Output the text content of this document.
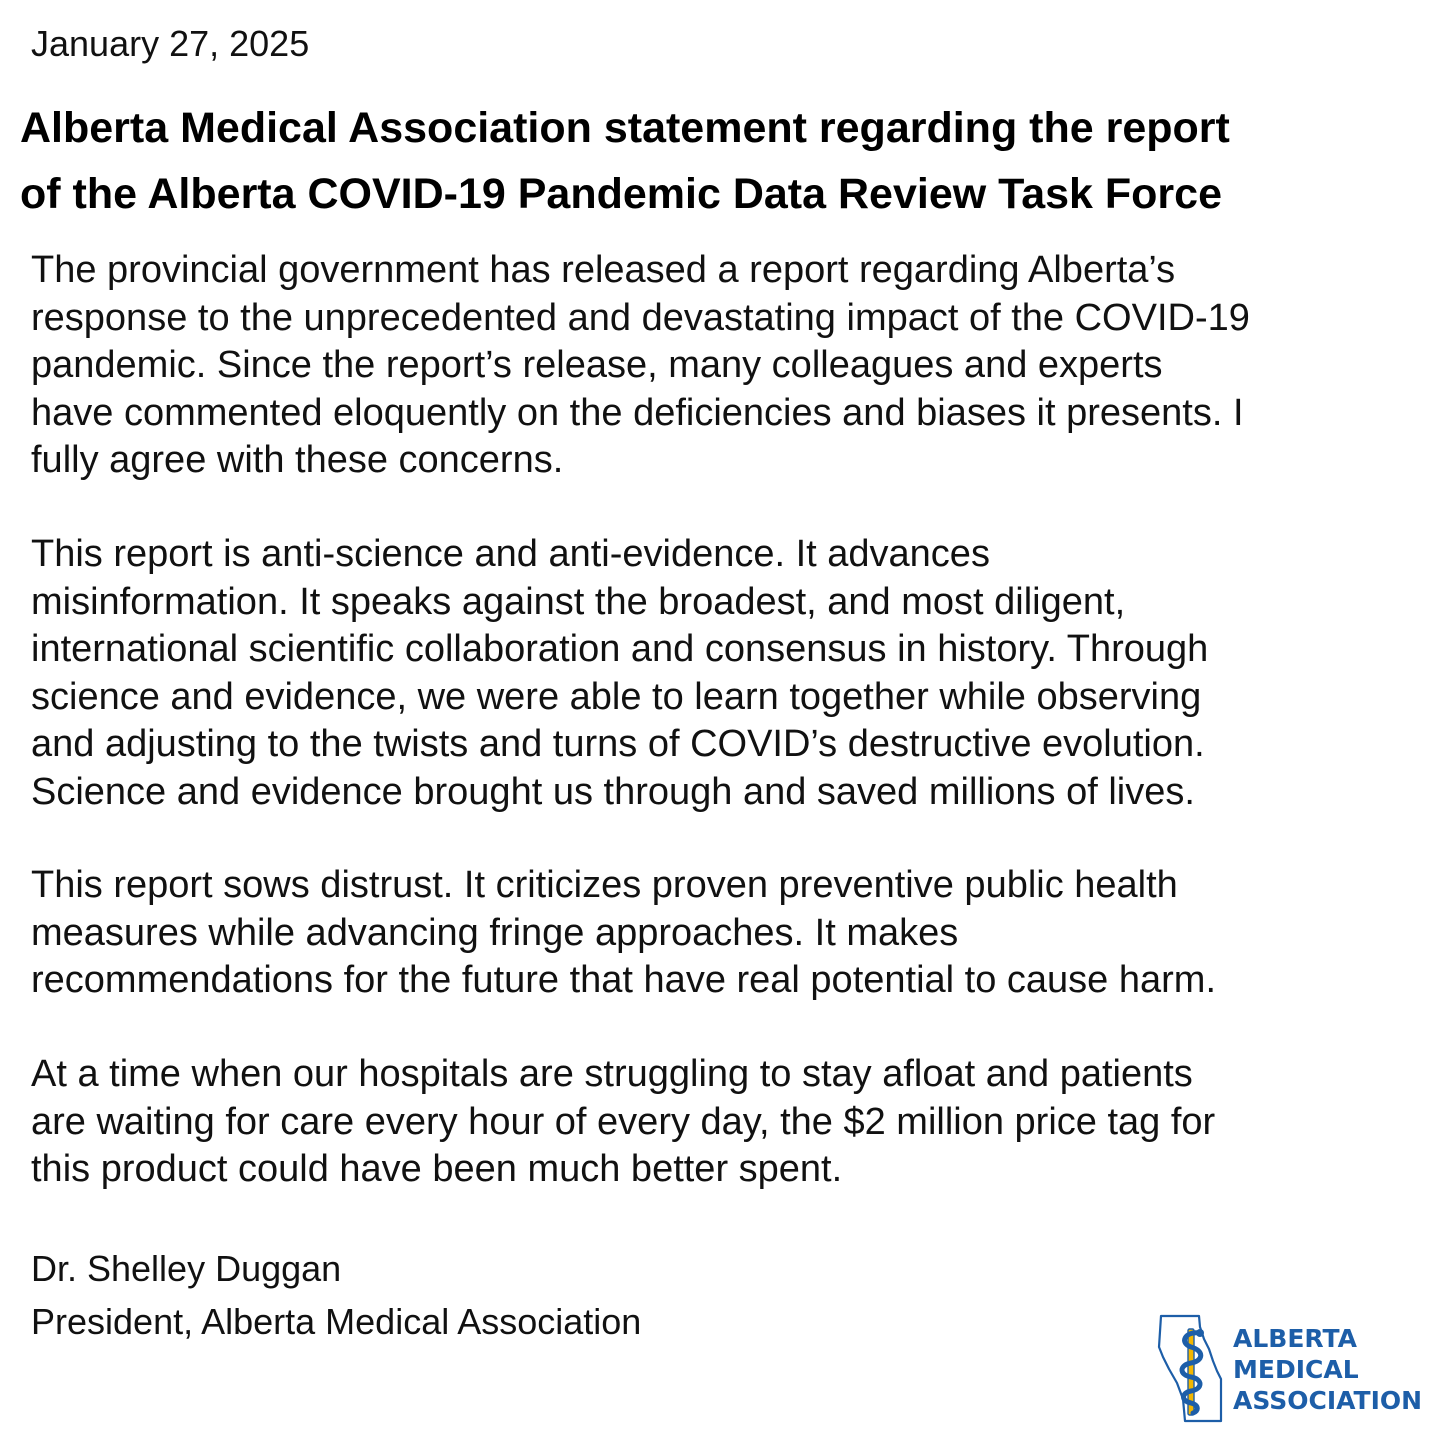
January 27, 2025
Alberta Medical Association statement regarding the report
of the Alberta COVID-19 Pandemic Data Review Task Force

The provincial government has released a report regarding Alberta’s
response to the unprecedented and devastating impact of the COVID-19
pandemic. Since the report’s release, many colleagues and experts
have commented eloquently on the deficiencies and biases it presents. I
fully agree with these concerns.

This report is anti-science and anti-evidence. It advances
misinformation. It speaks against the broadest, and most diligent,
international scientific collaboration and consensus in history. Through
science and evidence, we were able to learn together while observing
and adjusting to the twists and turns of COVID’s destructive evolution.
Science and evidence brought us through and saved millions of lives.

This report sows distrust. It criticizes proven preventive public health
measures while advancing fringe approaches. It makes
recommendations for the future that have real potential to cause harm.

At a time when our hospitals are struggling to stay afloat and patients
are waiting for care every hour of every day, the $2 million price tag for
this product could have been much better spent.

Dr. Shelley Duggan
President, Alberta Medical Association	ALBERTA
MEDICAL
ASSOCIATION
